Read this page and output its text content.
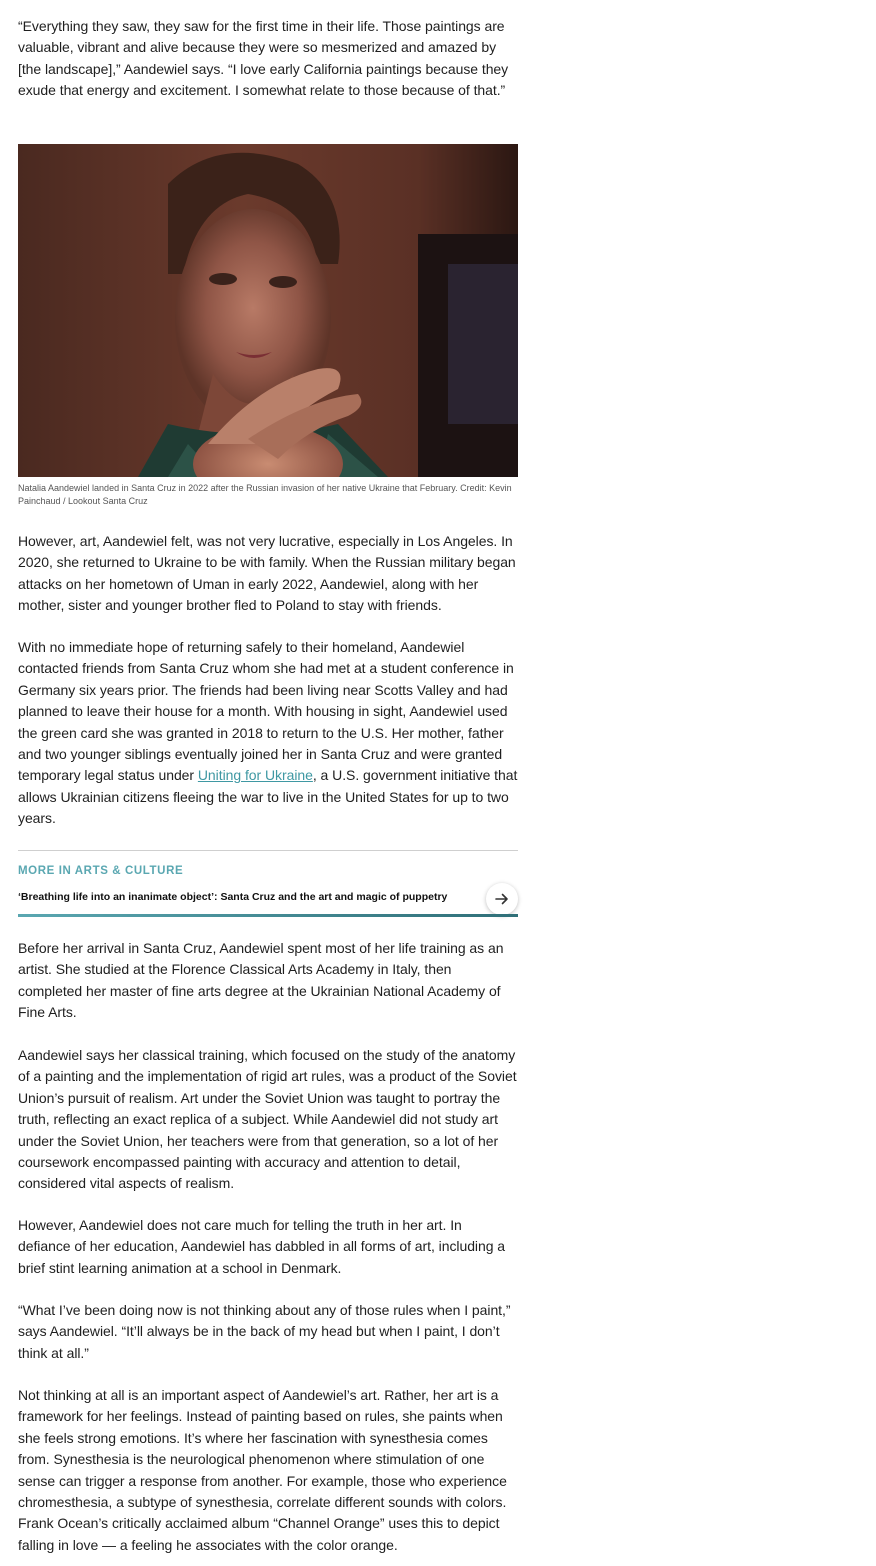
“Everything they saw, they saw for the first time in their life. Those paintings are valuable, vibrant and alive because they were so mesmerized and amazed by [the landscape],” Aandewiel says. “I love early California paintings because they exude that energy and excitement. I somewhat relate to those because of that.”

Natalia Aandewiel landed in Santa Cruz in 2022 after the Russian invasion of her native Ukraine that February. Credit: Kevin Painchaud / Lookout Santa Cruz

However, art, Aandewiel felt, was not very lucrative, especially in Los Angeles. In 2020, she returned to Ukraine to be with family. When the Russian military began attacks on her hometown of Uman in early 2022, Aandewiel, along with her mother, sister and younger brother fled to Poland to stay with friends.

With no immediate hope of returning safely to their homeland, Aandewiel contacted friends from Santa Cruz whom she had met at a student conference in Germany six years prior. The friends had been living near Scotts Valley and had planned to leave their house for a month. With housing in sight, Aandewiel used the green card she was granted in 2018 to return to the U.S. Her mother, father and two younger siblings eventually joined her in Santa Cruz and were granted temporary legal status under Uniting for Ukraine, a U.S. government initiative that allows Ukrainian citizens fleeing the war to live in the United States for up to two years.

MORE IN ARTS & CULTURE
‘Breathing life into an inanimate object’: Santa Cruz and the art and magic of puppetry

Before her arrival in Santa Cruz, Aandewiel spent most of her life training as an artist. She studied at the Florence Classical Arts Academy in Italy, then completed her master of fine arts degree at the Ukrainian National Academy of Fine Arts.

Aandewiel says her classical training, which focused on the study of the anatomy of a painting and the implementation of rigid art rules, was a product of the Soviet Union’s pursuit of realism. Art under the Soviet Union was taught to portray the truth, reflecting an exact replica of a subject. While Aandewiel did not study art under the Soviet Union, her teachers were from that generation, so a lot of her coursework encompassed painting with accuracy and attention to detail, considered vital aspects of realism.

However, Aandewiel does not care much for telling the truth in her art. In defiance of her education, Aandewiel has dabbled in all forms of art, including a brief stint learning animation at a school in Denmark.

“What I’ve been doing now is not thinking about any of those rules when I paint,” says Aandewiel. “It’ll always be in the back of my head but when I paint, I don’t think at all.”

Not thinking at all is an important aspect of Aandewiel’s art. Rather, her art is a framework for her feelings. Instead of painting based on rules, she paints when she feels strong emotions. It’s where her fascination with synesthesia comes from. Synesthesia is the neurological phenomenon where stimulation of one sense can trigger a response from another. For example, those who experience chromesthesia, a subtype of synesthesia, correlate different sounds with colors. Frank Ocean’s critically acclaimed album “Channel Orange” uses this to depict falling in love — a feeling he associates with the color orange.
